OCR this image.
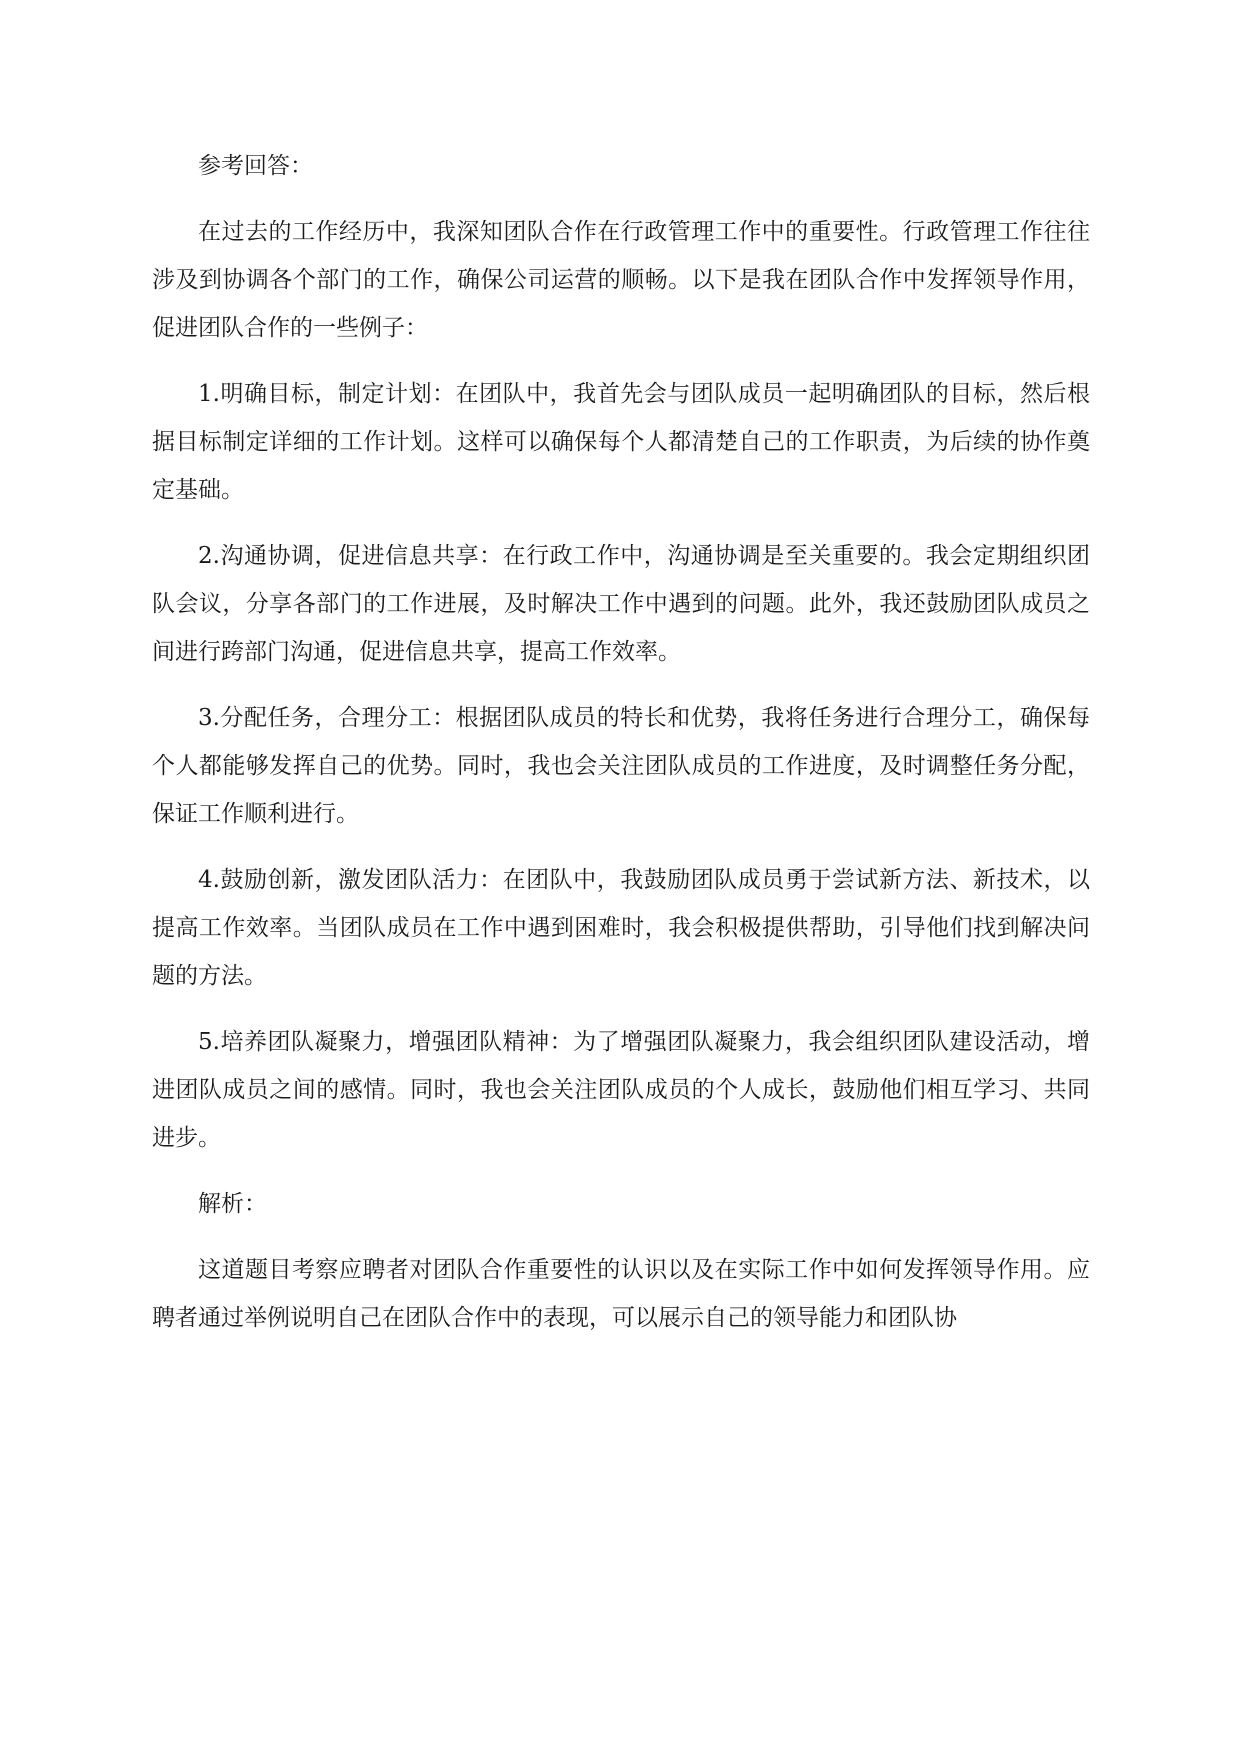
参考回答：

在过去的工作经历中，我深知团队合作在行政管理工作中的重要性。行政管理工作往往涉及到协调各个部门的工作，确保公司运营的顺畅。以下是我在团队合作中发挥领导作用，促进团队合作的一些例子：

1.明确目标，制定计划：在团队中，我首先会与团队成员一起明确团队的目标，然后根据目标制定详细的工作计划。这样可以确保每个人都清楚自己的工作职责，为后续的协作奠定基础。

2.沟通协调，促进信息共享：在行政工作中，沟通协调是至关重要的。我会定期组织团队会议，分享各部门的工作进展，及时解决工作中遇到的问题。此外，我还鼓励团队成员之间进行跨部门沟通，促进信息共享，提高工作效率。

3.分配任务，合理分工：根据团队成员的特长和优势，我将任务进行合理分工，确保每个人都能够发挥自己的优势。同时，我也会关注团队成员的工作进度，及时调整任务分配，保证工作顺利进行。

4.鼓励创新，激发团队活力：在团队中，我鼓励团队成员勇于尝试新方法、新技术，以提高工作效率。当团队成员在工作中遇到困难时，我会积极提供帮助，引导他们找到解决问题的方法。

5.培养团队凝聚力，增强团队精神：为了增强团队凝聚力，我会组织团队建设活动，增进团队成员之间的感情。同时，我也会关注团队成员的个人成长，鼓励他们相互学习、共同进步。

解析：

这道题目考察应聘者对团队合作重要性的认识以及在实际工作中如何发挥领导作用。应聘者通过举例说明自己在团队合作中的表现，可以展示自己的领导能力和团队协
